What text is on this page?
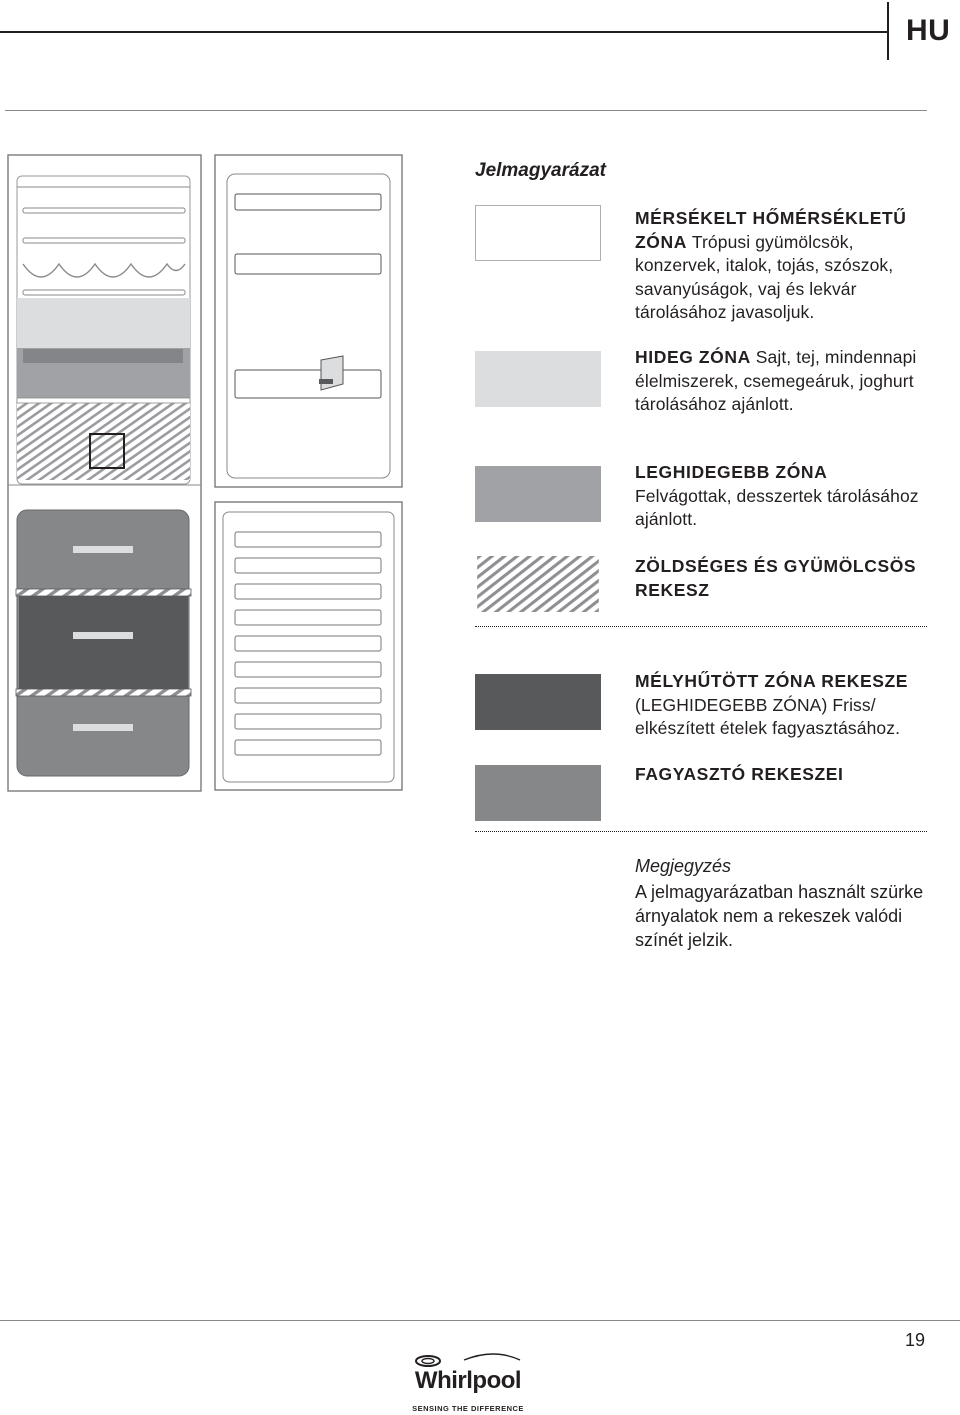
HU
Jelmagyarázat
MÉRSÉKELT HŐMÉRSÉKLETŰ ZÓNA Trópusi gyümölcsök, konzervek, italok, tojás, szószok, savanyúságok, vaj és lekvár tárolásához javasoljuk.
HIDEG ZÓNA Sajt, tej, mindennapi élelmiszerek, csemegeáruk, joghurt tárolásához ajánlott.
LEGHIDEGEBB ZÓNA
Felvágottak, desszertek tárolásához ajánlott.
ZÖLDSÉGES ÉS GYÜMÖLCSÖS REKESZ
MÉLYHŰTÖTT ZÓNA REKESZE
(LEGHIDEGEBB ZÓNA) Friss/ elkészített ételek fagyasztásához.
FAGYASZTÓ REKESZEI
Megjegyzés
A jelmagyarázatban használt szürke árnyalatok nem a rekeszek valódi színét jelzik.
19
Whirlpool
SENSING THE DIFFERENCE
